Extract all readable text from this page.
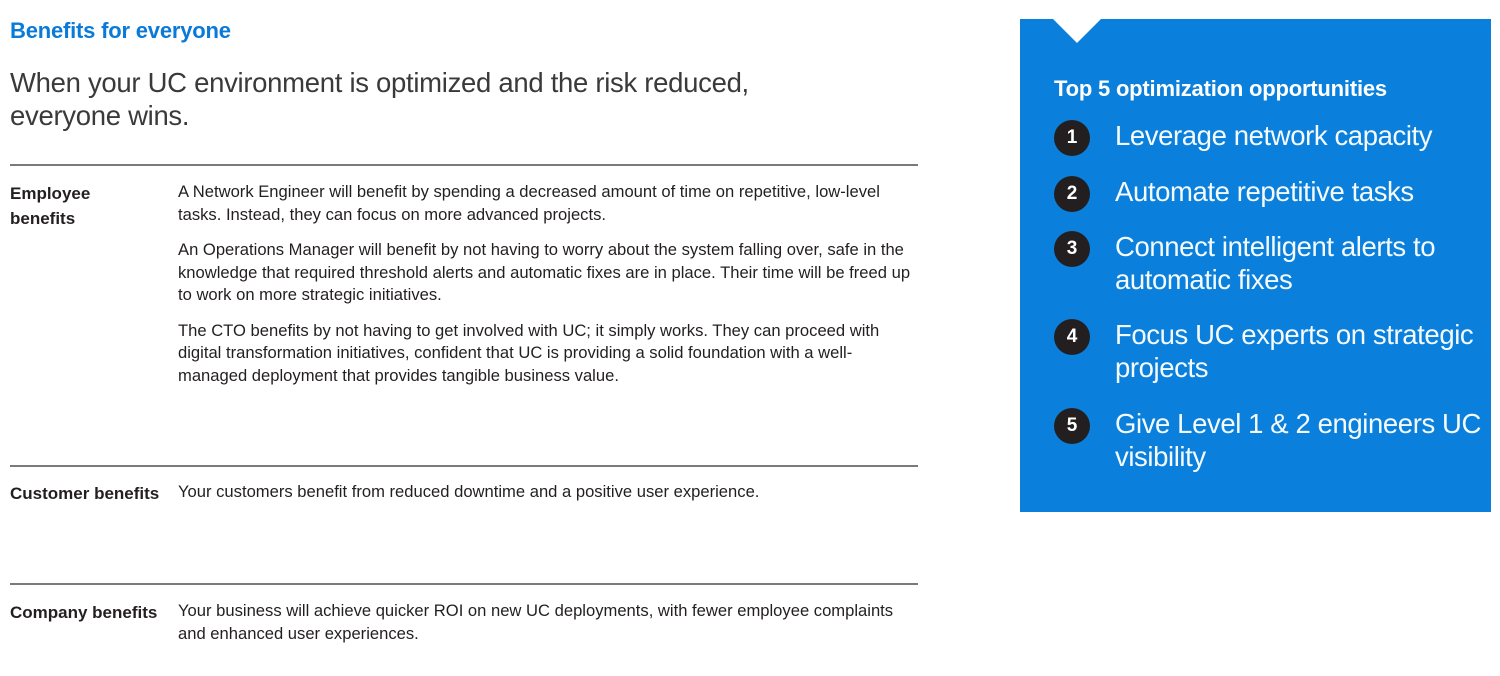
Benefits for everyone

When your UC environment is optimized and the risk reduced, everyone wins.

Employee benefits

A Network Engineer will benefit by spending a decreased amount of time on repetitive, low-level tasks. Instead, they can focus on more advanced projects.

An Operations Manager will benefit by not having to worry about the system falling over, safe in the knowledge that required threshold alerts and automatic fixes are in place. Their time will be freed up to work on more strategic initiatives.

The CTO benefits by not having to get involved with UC; it simply works. They can proceed with digital transformation initiatives, confident that UC is providing a solid foundation with a well-managed deployment that provides tangible business value.

Customer benefits Your customers benefit from reduced downtime and a positive user experience.

Company benefits Your business will achieve quicker ROI on new UC deployments, with fewer employee complaints and enhanced user experiences.

Top 5 optimization opportunities
1	Leverage network capacity
2	Automate repetitive tasks
3	Connect intelligent alerts to automatic fixes
4	Focus UC experts on strategic projects
5	Give Level 1 & 2 engineers UC visibility
